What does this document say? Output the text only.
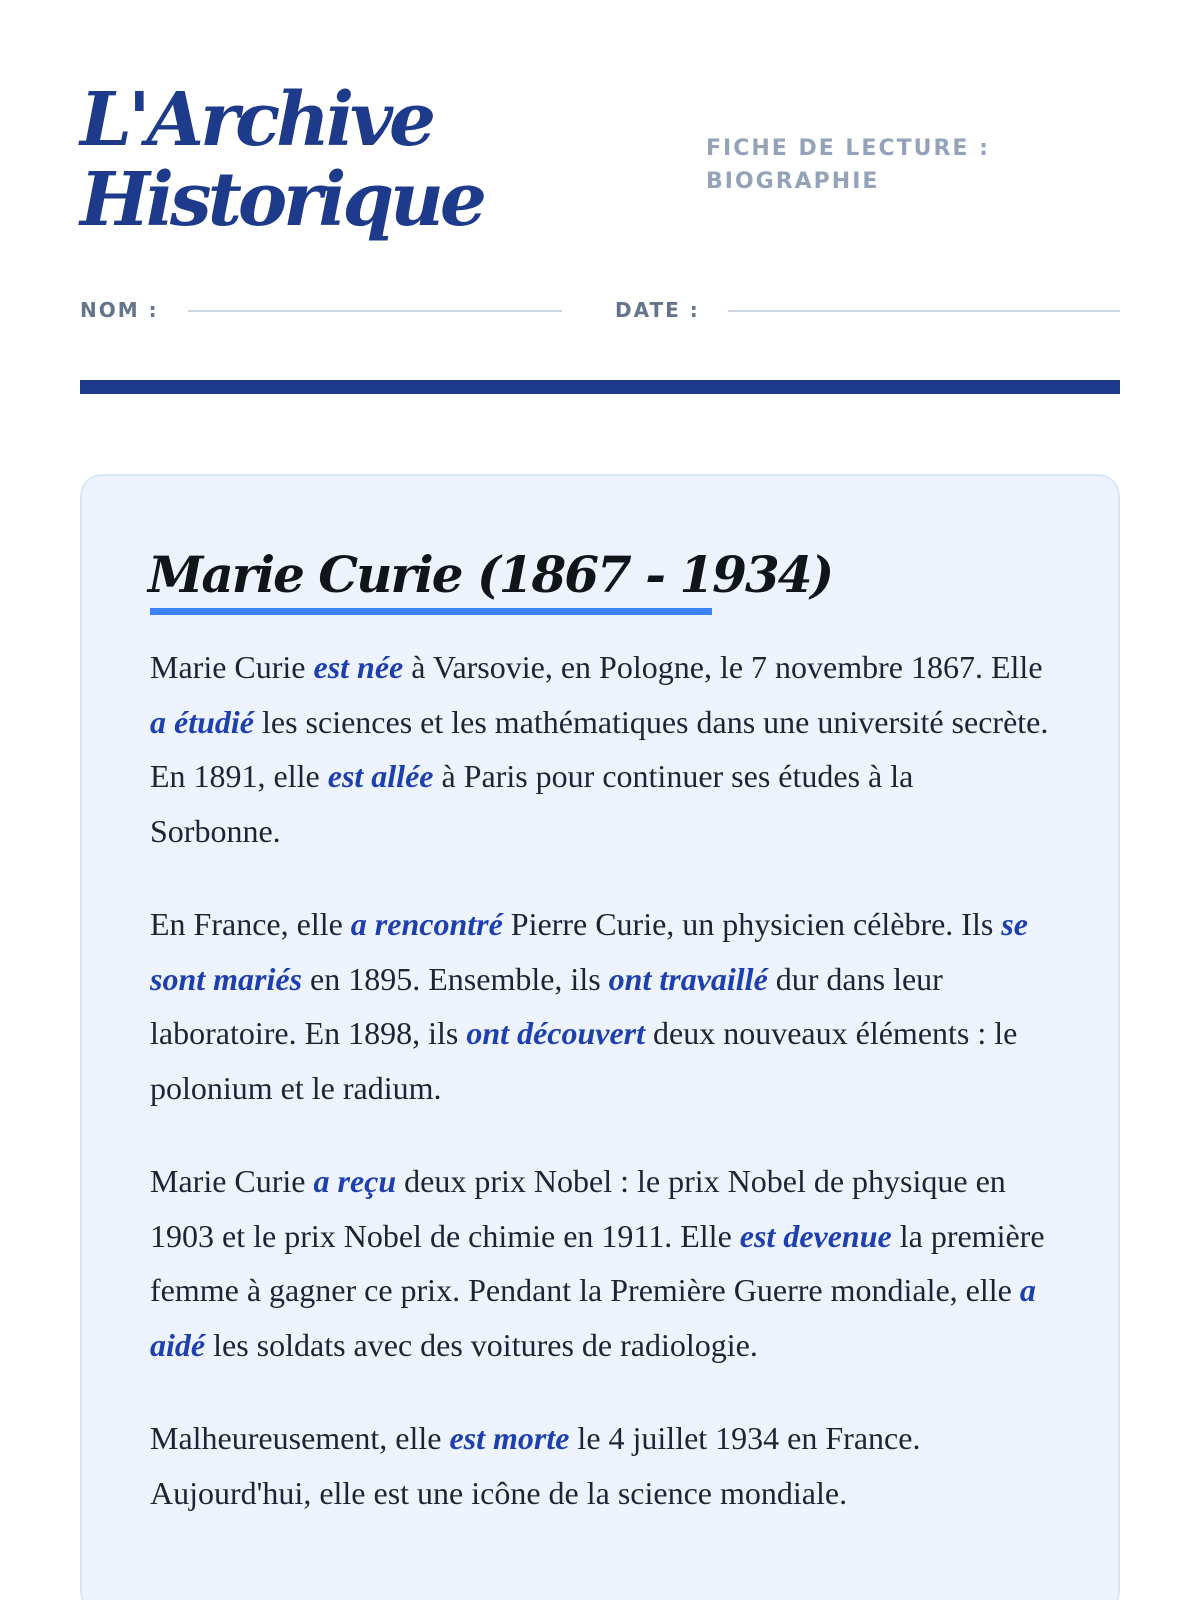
L'Archive
Historique
FICHE DE LECTURE :
BIOGRAPHIE
NOM :	DATE :
Marie Curie (1867 - 1934)

Marie Curie est née à Varsovie, en Pologne, le 7 novembre 1867. Elle a étudié les sciences et les mathématiques dans une université secrète. En 1891, elle est allée à Paris pour continuer ses études à la Sorbonne.

En France, elle a rencontré Pierre Curie, un physicien célèbre. Ils se sont mariés en 1895. Ensemble, ils ont travaillé dur dans leur laboratoire. En 1898, ils ont découvert deux nouveaux éléments : le polonium et le radium.

Marie Curie a reçu deux prix Nobel : le prix Nobel de physique en 1903 et le prix Nobel de chimie en 1911. Elle est devenue la première femme à gagner ce prix. Pendant la Première Guerre mondiale, elle a aidé les soldats avec des voitures de radiologie.

Malheureusement, elle est morte le 4 juillet 1934 en France. Aujourd'hui, elle est une icône de la science mondiale.
